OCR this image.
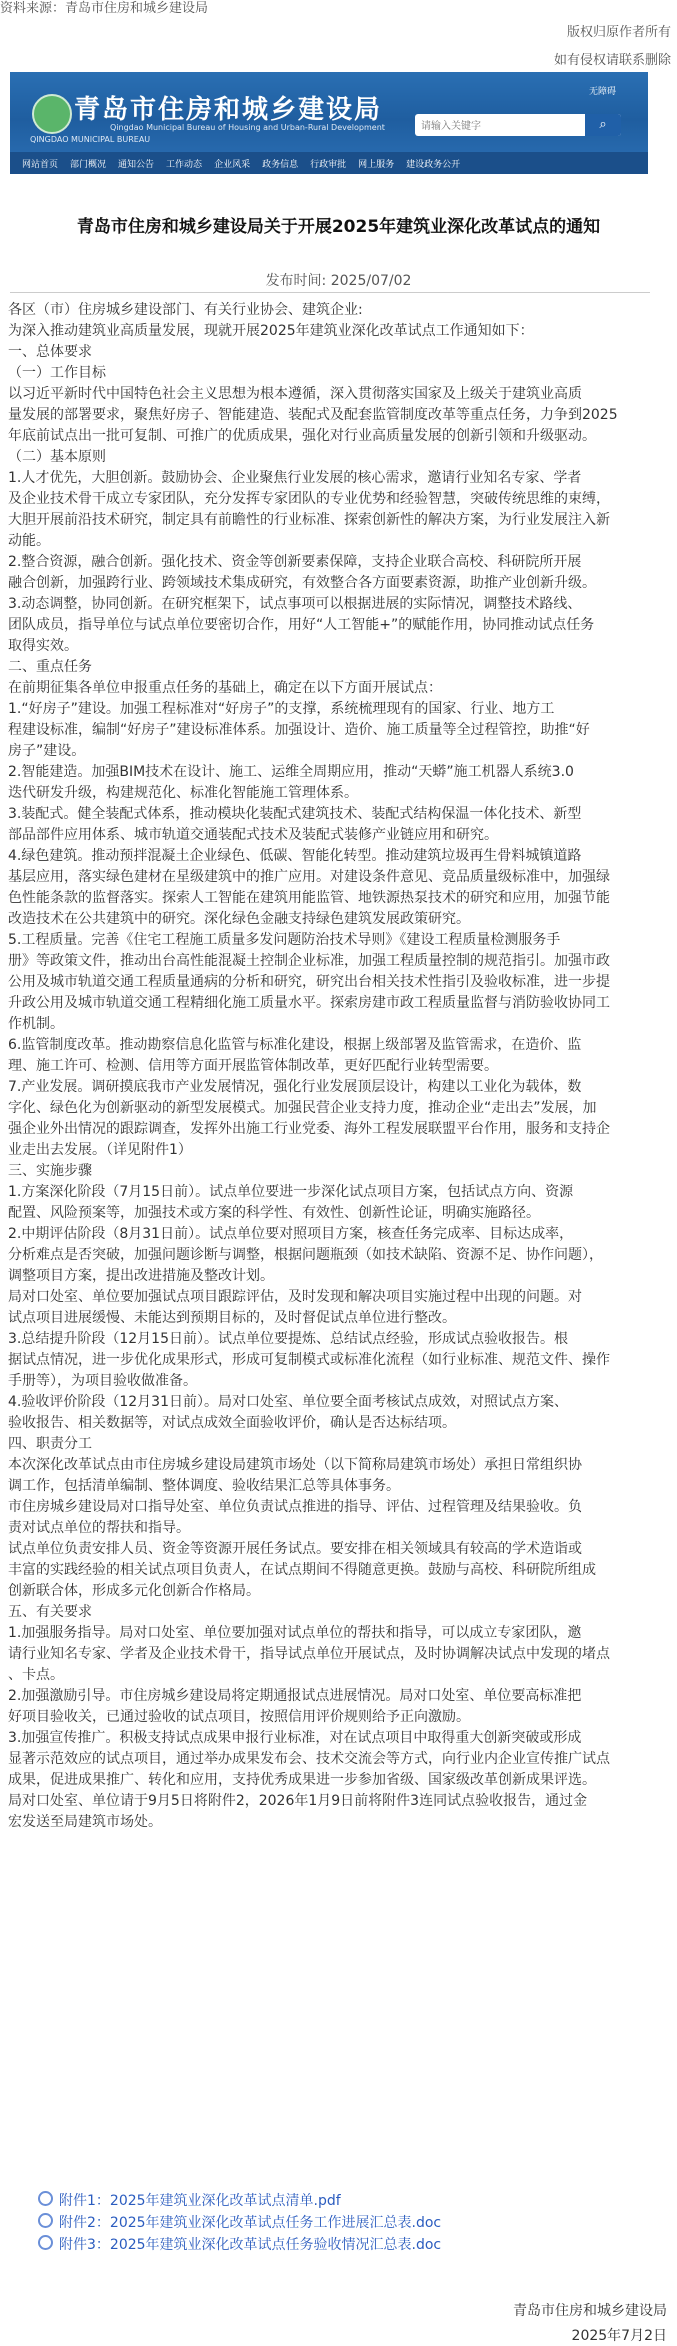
资料来源：青岛市住房和城乡建设局
版权归原作者所有
如有侵权请联系删除
青岛市住房和城乡建设局
Qingdao Municipal Bureau of Housing and Urban-Rural Development
QINGDAO MUNICIPAL BUREAU
无障碍
请输入关键字
⌕
网站首页 部门概况 通知公告 工作动态 企业风采 政务信息 行政审批 网上服务 建设政务公开
青岛市住房和城乡建设局关于开展2025年建筑业深化改革试点的通知
发布时间: 2025/07/02

各区（市）住房城乡建设部门、有关行业协会、建筑企业:

为深入推动建筑业高质量发展，现就开展2025年建筑业深化改革试点工作通知如下：

一、总体要求

（一）工作目标

以习近平新时代中国特色社会主义思想为根本遵循，深入贯彻落实国家及上级关于建筑业高质

量发展的部署要求，聚焦好房子、智能建造、装配式及配套监管制度改革等重点任务，力争到2025

年底前试点出一批可复制、可推广的优质成果，强化对行业高质量发展的创新引领和升级驱动。

（二）基本原则

1.人才优先，大胆创新。鼓励协会、企业聚焦行业发展的核心需求，邀请行业知名专家、学者

及企业技术骨干成立专家团队，充分发挥专家团队的专业优势和经验智慧，突破传统思维的束缚，

大胆开展前沿技术研究，制定具有前瞻性的行业标准、探索创新性的解决方案，为行业发展注入新

动能。

2.整合资源，融合创新。强化技术、资金等创新要素保障，支持企业联合高校、科研院所开展

融合创新，加强跨行业、跨领域技术集成研究，有效整合各方面要素资源，助推产业创新升级。

3.动态调整，协同创新。在研究框架下，试点事项可以根据进展的实际情况，调整技术路线、

团队成员，指导单位与试点单位要密切合作，用好“人工智能+”的赋能作用，协同推动试点任务

取得实效。

二、重点任务

在前期征集各单位申报重点任务的基础上，确定在以下方面开展试点：

1.“好房子”建设。加强工程标准对“好房子”的支撑，系统梳理现有的国家、行业、地方工

程建设标准，编制“好房子”建设标准体系。加强设计、造价、施工质量等全过程管控，助推“好

房子”建设。

2.智能建造。加强BIM技术在设计、施工、运维全周期应用，推动“天蟒”施工机器人系统3.0

迭代研发升级，构建规范化、标准化智能施工管理体系。

3.装配式。健全装配式体系，推动模块化装配式建筑技术、装配式结构保温一体化技术、新型

部品部件应用体系、城市轨道交通装配式技术及装配式装修产业链应用和研究。

4.绿色建筑。推动预拌混凝土企业绿色、低碳、智能化转型。推动建筑垃圾再生骨料城镇道路

基层应用，落实绿色建材在星级建筑中的推广应用。对建设条件意见、竞品质量级标准中，加强绿

色性能条款的监督落实。探索人工智能在建筑用能监管、地铁源热泵技术的研究和应用，加强节能

改造技术在公共建筑中的研究。深化绿色金融支持绿色建筑发展政策研究。

5.工程质量。完善《住宅工程施工质量多发问题防治技术导则》《建设工程质量检测服务手

册》等政策文件，推动出台高性能混凝土控制企业标准，加强工程质量控制的规范指引。加强市政

公用及城市轨道交通工程质量通病的分析和研究，研究出台相关技术性指引及验收标准，进一步提

升政公用及城市轨道交通工程精细化施工质量水平。探索房建市政工程质量监督与消防验收协同工

作机制。

6.监管制度改革。推动勘察信息化监管与标准化建设，根据上级部署及监管需求，在造价、监

理、施工许可、检测、信用等方面开展监管体制改革，更好匹配行业转型需要。

7.产业发展。调研摸底我市产业发展情况，强化行业发展顶层设计，构建以工业化为载体，数

字化、绿色化为创新驱动的新型发展模式。加强民营企业支持力度，推动企业“走出去”发展，加

强企业外出情况的跟踪调查，发挥外出施工行业党委、海外工程发展联盟平台作用，服务和支持企

业走出去发展。（详见附件1）

三、实施步骤

1.方案深化阶段（7月15日前）。试点单位要进一步深化试点项目方案，包括试点方向、资源

配置、风险预案等，加强技术或方案的科学性、有效性、创新性论证，明确实施路径。

2.中期评估阶段（8月31日前）。试点单位要对照项目方案，核查任务完成率、目标达成率，

分析难点是否突破，加强问题诊断与调整，根据问题瓶颈（如技术缺陷、资源不足、协作问题），

调整项目方案，提出改进措施及整改计划。

局对口处室、单位要加强试点项目跟踪评估，及时发现和解决项目实施过程中出现的问题。对

试点项目进展缓慢、未能达到预期目标的，及时督促试点单位进行整改。

3.总结提升阶段（12月15日前）。试点单位要提炼、总结试点经验，形成试点验收报告。根

据试点情况，进一步优化成果形式，形成可复制模式或标准化流程（如行业标准、规范文件、操作

手册等），为项目验收做准备。

4.验收评价阶段（12月31日前）。局对口处室、单位要全面考核试点成效，对照试点方案、

验收报告、相关数据等，对试点成效全面验收评价，确认是否达标结项。

四、职责分工

本次深化改革试点由市住房城乡建设局建筑市场处（以下简称局建筑市场处）承担日常组织协

调工作，包括清单编制、整体调度、验收结果汇总等具体事务。

市住房城乡建设局对口指导处室、单位负责试点推进的指导、评估、过程管理及结果验收。负

责对试点单位的帮扶和指导。

试点单位负责安排人员、资金等资源开展任务试点。要安排在相关领域具有较高的学术造诣或

丰富的实践经验的相关试点项目负责人，在试点期间不得随意更换。鼓励与高校、科研院所组成

创新联合体，形成多元化创新合作格局。

五、有关要求

1.加强服务指导。局对口处室、单位要加强对试点单位的帮扶和指导，可以成立专家团队，邀

请行业知名专家、学者及企业技术骨干，指导试点单位开展试点，及时协调解决试点中发现的堵点

、卡点。

2.加强激励引导。市住房城乡建设局将定期通报试点进展情况。局对口处室、单位要高标准把

好项目验收关，已通过验收的试点项目，按照信用评价规则给予正向激励。

3.加强宣传推广。积极支持试点成果申报行业标准，对在试点项目中取得重大创新突破或形成

显著示范效应的试点项目，通过举办成果发布会、技术交流会等方式，向行业内企业宣传推广试点

成果，促进成果推广、转化和应用，支持优秀成果进一步参加省级、国家级改革创新成果评选。

局对口处室、单位请于9月5日将附件2，2026年1月9日前将附件3连同试点验收报告，通过金

宏发送至局建筑市场处。

附件1：2025年建筑业深化改革试点清单.pdf
附件2：2025年建筑业深化改革试点任务工作进展汇总表.doc
附件3：2025年建筑业深化改革试点任务验收情况汇总表.doc
青岛市住房和城乡建设局
2025年7月2日
